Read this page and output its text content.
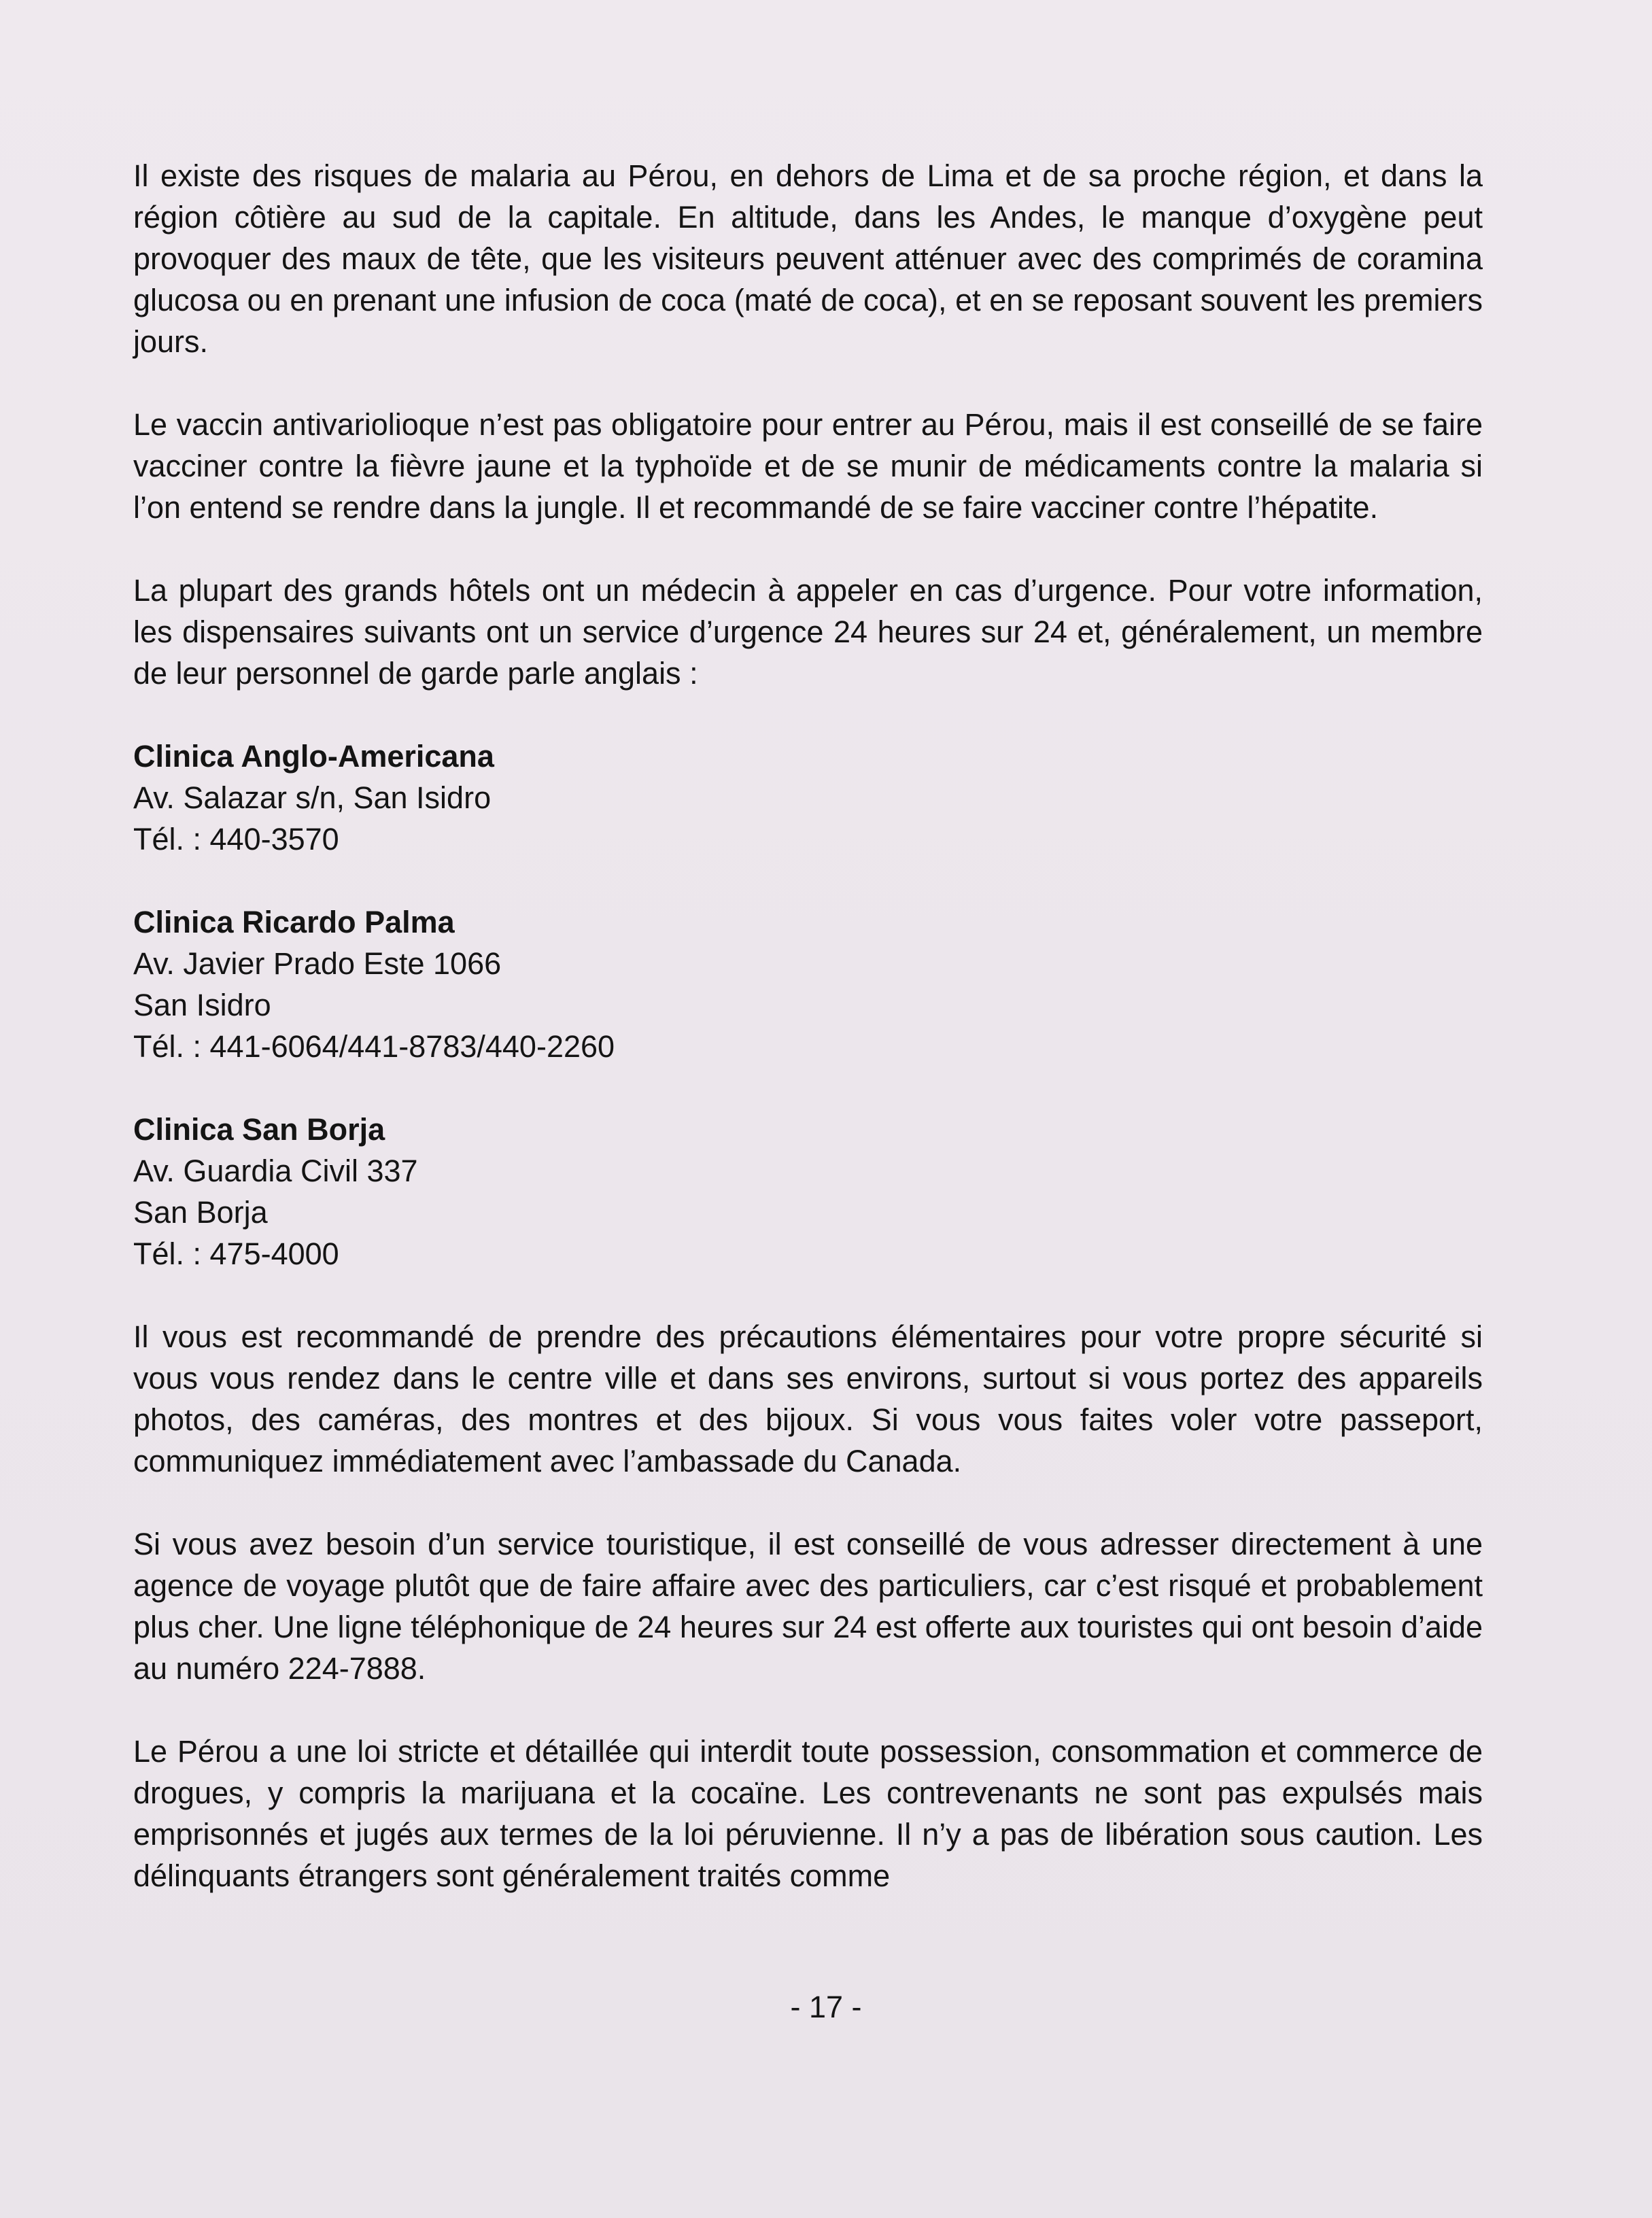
Il existe des risques de malaria au Pérou, en dehors de Lima et de sa proche région, et dans la région côtière au sud de la capitale. En altitude, dans les Andes, le manque d’oxygène peut provoquer des maux de tête, que les visiteurs peuvent atténuer avec des comprimés de coramina glucosa ou en prenant une infusion de coca (maté de coca), et en se reposant souvent les premiers jours.

Le vaccin antivariolioque n’est pas obligatoire pour entrer au Pérou, mais il est conseillé de se faire vacciner contre la fièvre jaune et la typhoïde et de se munir de médicaments contre la malaria si l’on entend se rendre dans la jungle. Il et recommandé de se faire vacciner contre l’hépatite.

La plupart des grands hôtels ont un médecin à appeler en cas d’urgence. Pour votre information, les dispensaires suivants ont un service d’urgence 24 heures sur 24 et, généralement, un membre de leur personnel de garde parle anglais :

Clinica Anglo-Americana
Av. Salazar s/n, San Isidro
Tél. : 440-3570
Clinica Ricardo Palma
Av. Javier Prado Este 1066
San Isidro
Tél. : 441-6064/441-8783/440-2260
Clinica San Borja
Av. Guardia Civil 337
San Borja
Tél. : 475-4000

Il vous est recommandé de prendre des précautions élémentaires pour votre propre sécurité si vous vous rendez dans le centre ville et dans ses environs, surtout si vous portez des appareils photos, des caméras, des montres et des bijoux. Si vous vous faites voler votre passeport, communiquez immédiatement avec l’ambassade du Canada.

Si vous avez besoin d’un service touristique, il est conseillé de vous adresser directement à une agence de voyage plutôt que de faire affaire avec des particuliers, car c’est risqué et probablement plus cher. Une ligne téléphonique de 24 heures sur 24 est offerte aux touristes qui ont besoin d’aide au numéro 224-7888.

Le Pérou a une loi stricte et détaillée qui interdit toute possession, consommation et commerce de drogues, y compris la marijuana et la cocaïne. Les contrevenants ne sont pas expulsés mais emprisonnés et jugés aux termes de la loi péruvienne. Il n’y a pas de libération sous caution. Les délinquants étrangers sont généralement traités comme

- 17 -
